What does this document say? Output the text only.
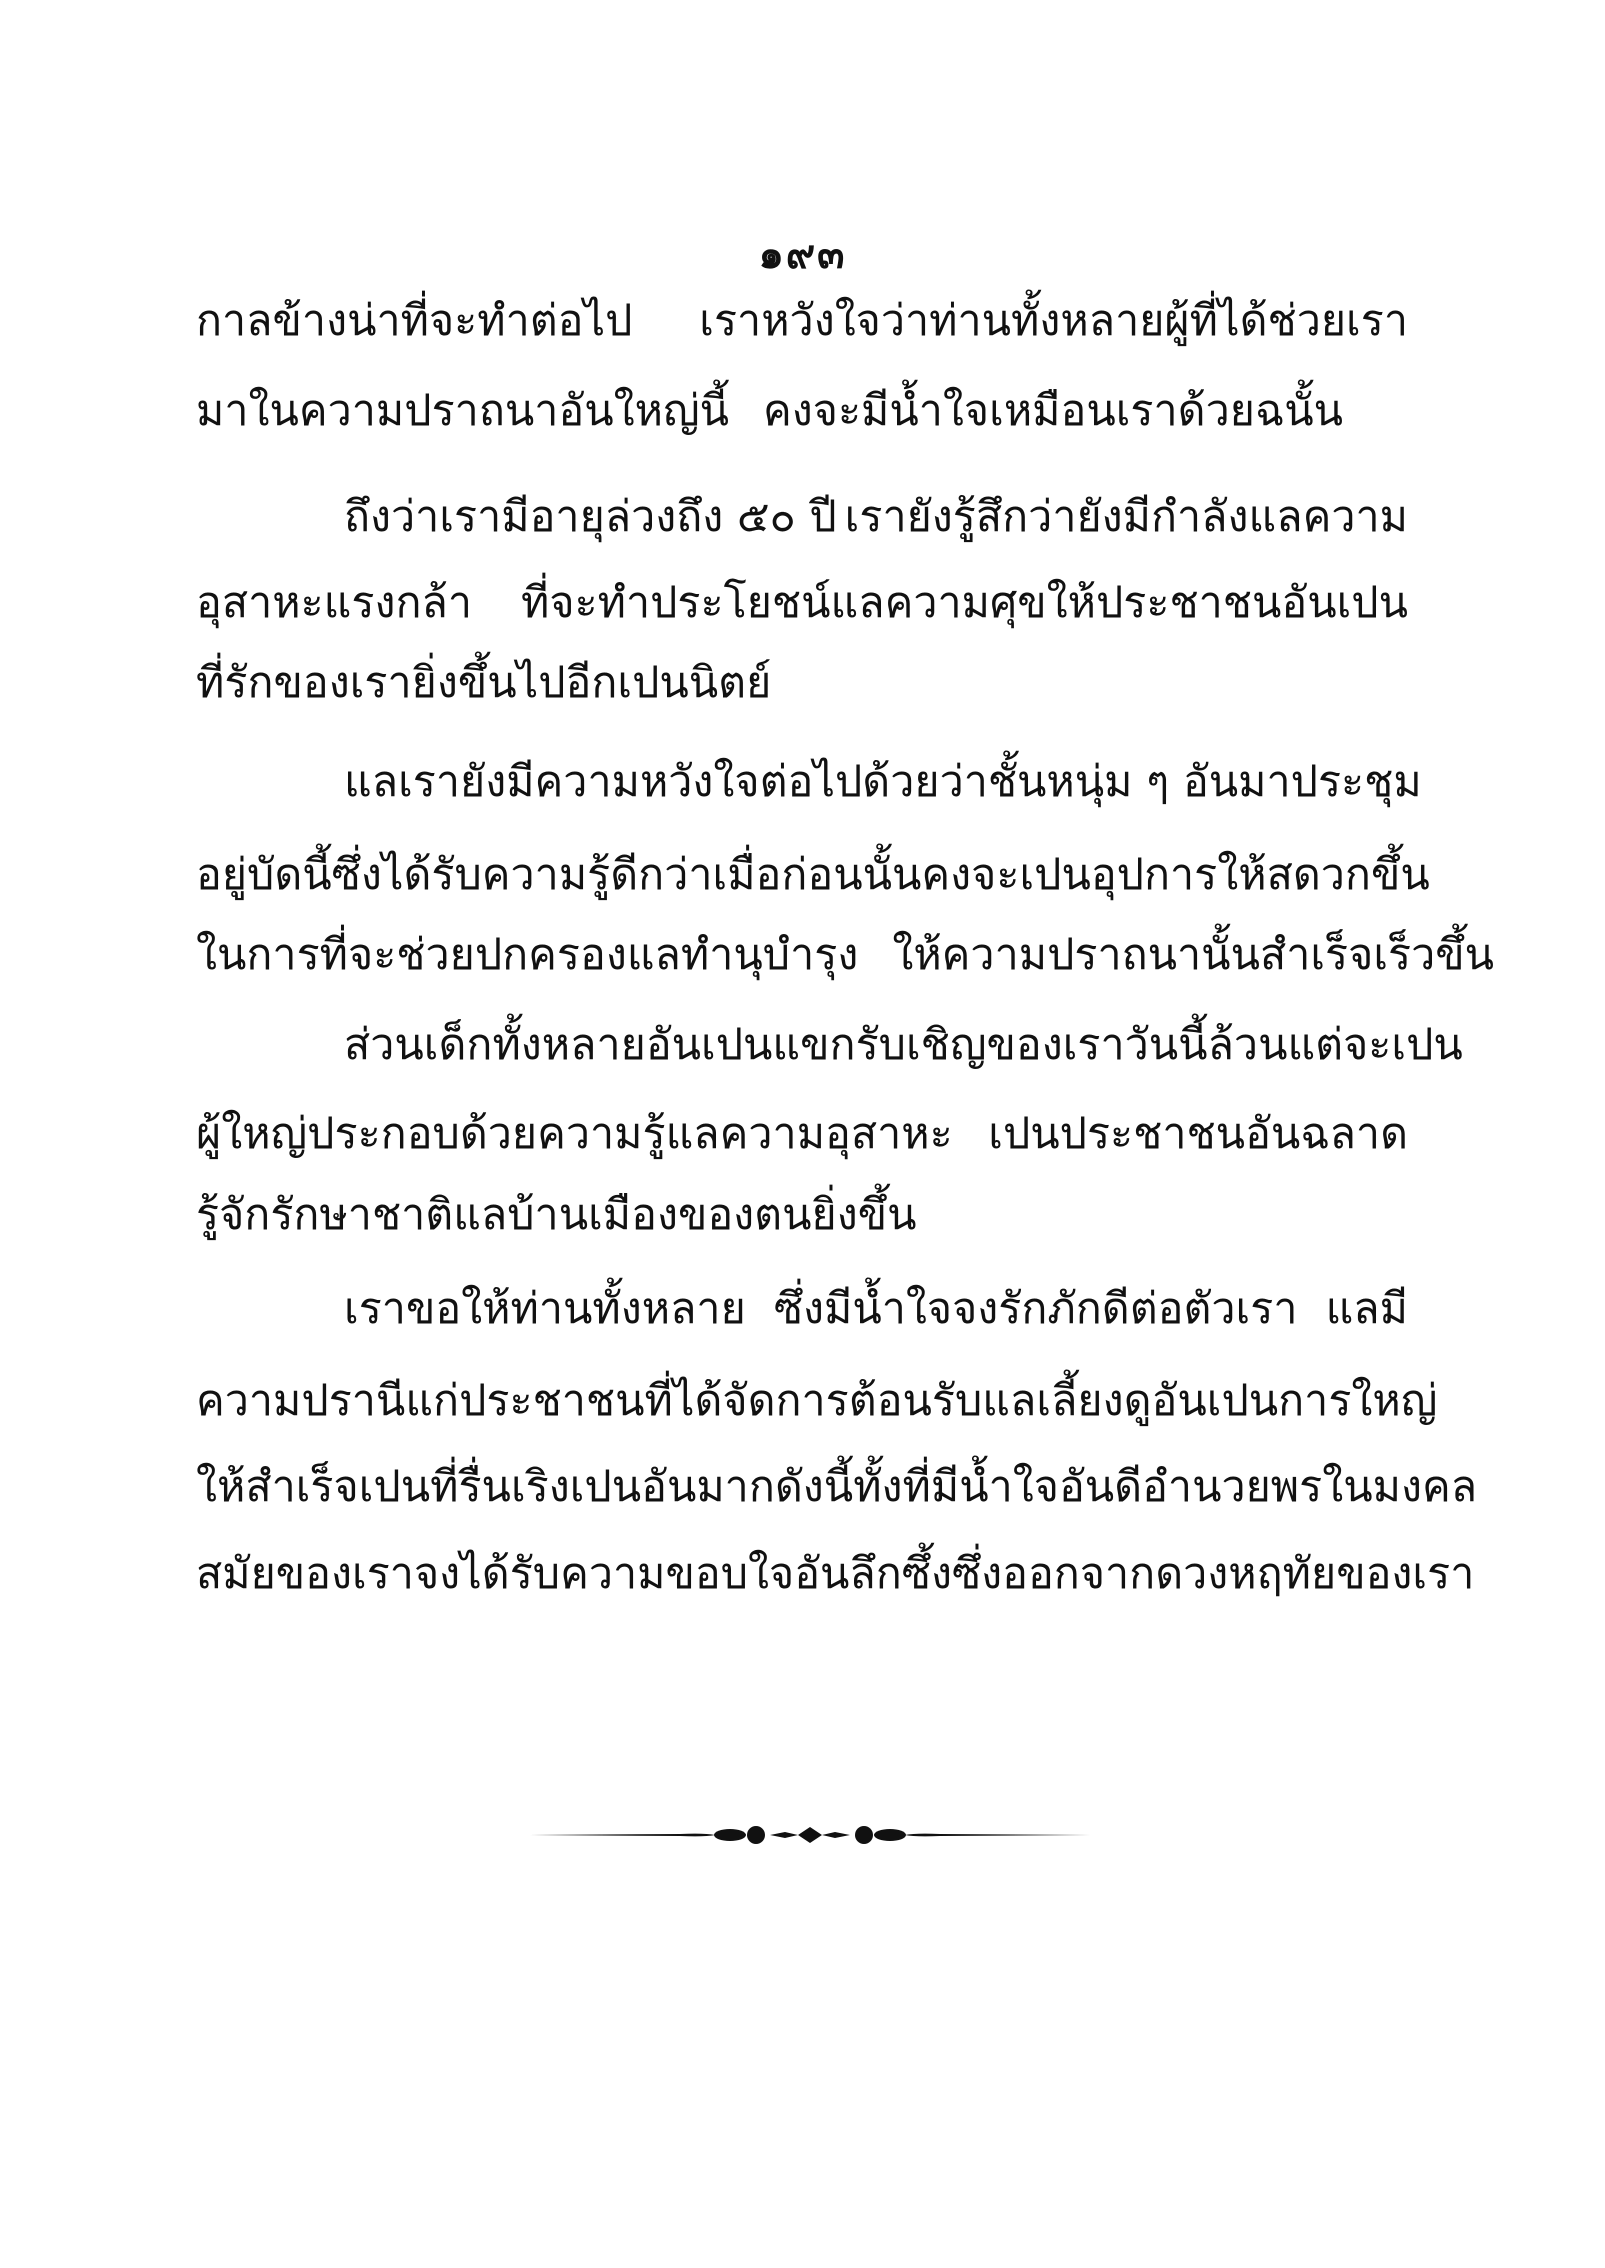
๑๙๓
กาลข้างน่าที่จะทำต่อไป เราหวังใจว่าท่านทั้งหลายผู้ที่ได้ช่วยเรา
มาในความปราถนาอันใหญ่นี้ คงจะมีน้ำใจเหมือนเราด้วยฉนั้น
ถึงว่าเรามีอายุล่วงถึง ๕๐ ปี เรายังรู้สึกว่ายังมีกำลังแลความ
อุสาหะแรงกล้า ที่จะทำประโยชน์แลความศุขให้ประชาชนอันเปน
ที่รักของเรายิ่งขึ้นไปอีกเปนนิตย์
แลเรายังมีความหวังใจต่อไปด้วย ว่าชั้นหนุ่ม ๆ อันมาประชุม
อยู่บัดนี้ ซึ่งได้รับความรู้ดีกว่าเมื่อก่อนนั้น คงจะเปนอุปการให้สดวกขึ้น
ในการที่จะช่วยปกครองแลทำนุบำรุง ให้ความปราถนานั้นสำเร็จเร็วขึ้น
ส่วนเด็กทั้งหลายอันเปนแขกรับเชิญของเราวันนี้ ล้วนแต่จะเปน
ผู้ใหญ่ประกอบด้วยความรู้แลความอุสาหะ เปนประชาชนอันฉลาด
รู้จักรักษาชาติแลบ้านเมืองของตนยิ่งขึ้น
เราขอให้ท่านทั้งหลาย ซึ่งมีน้ำใจจงรักภักดีต่อตัวเรา แลมี
ความปรานีแก่ประชาชน ที่ได้จัดการต้อนรับแลเลี้ยงดูอันเปนการใหญ่
ให้สำเร็จเปนที่รื่นเริงเปนอันมากดังนี้ ทั้งที่มีน้ำใจอันดีอำนวยพรในมงคล
สมัยของเรา จงได้รับความขอบใจอันลึกซึ้งซึ่งออกจากดวงหฤทัยของเรา
